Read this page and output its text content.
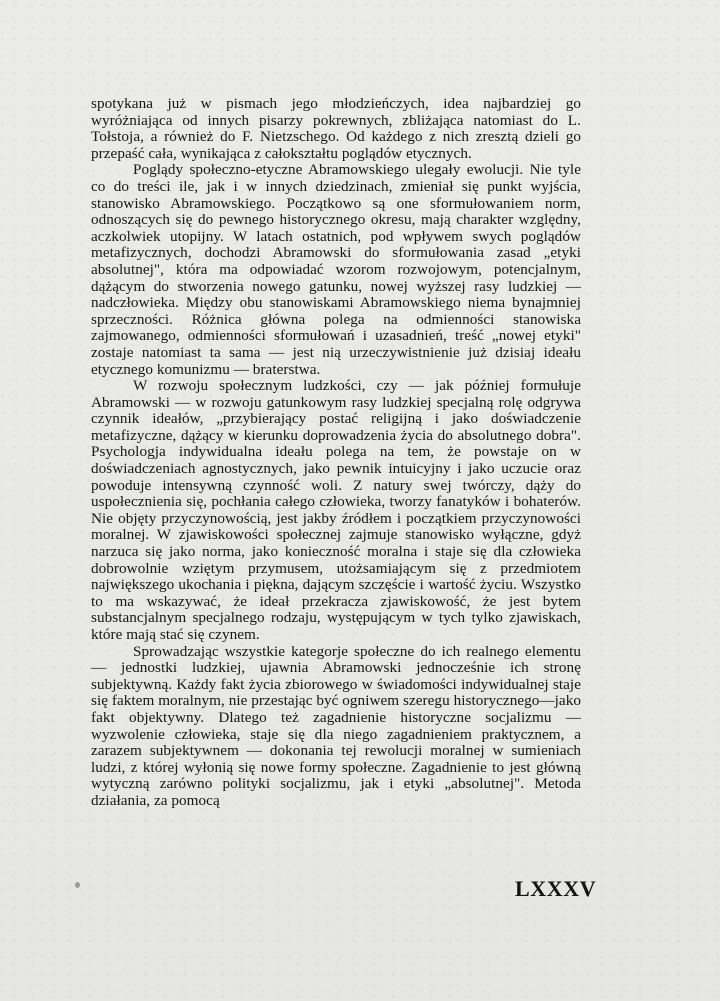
spotykana już w pismach jego młodzieńczych, idea najbardziej go wyróżniająca od innych pisarzy pokrewnych, zbliżająca natomiast do L. Tołstoja, a również do F. Nietzschego. Od każdego z nich zresztą dzieli go przepaść cała, wynikająca z całokształtu poglądów etycznych.

Poglądy społeczno-etyczne Abramowskiego ulegały ewolucji. Nie tyle co do treści ile, jak i w innych dziedzinach, zmieniał się punkt wyjścia, stanowisko Abramowskiego. Początkowo są one sformułowaniem norm, odnoszących się do pewnego historycznego okresu, mają charakter względny, aczkolwiek utopijny. W latach ostatnich, pod wpływem swych poglądów metafizycznych, dochodzi Abramowski do sformułowania zasad „etyki absolutnej", która ma odpowiadać wzorom rozwojowym, potencjalnym, dążącym do stworzenia nowego gatunku, nowej wyższej rasy ludzkiej — nadczłowieka. Między obu stanowiskami Abramowskiego niema bynajmniej sprzeczności. Różnica główna polega na odmienności stanowiska zajmowanego, odmienności sformułowań i uzasadnień, treść „nowej etyki" zostaje natomiast ta sama — jest nią urzeczywistnienie już dzisiaj ideału etycznego komunizmu — braterstwa.

W rozwoju społecznym ludzkości, czy — jak później formułuje Abramowski — w rozwoju gatunkowym rasy ludzkiej specjalną rolę odgrywa czynnik ideałów, „przybierający postać religijną i jako doświadczenie metafizyczne, dążący w kierunku doprowadzenia życia do absolutnego dobra". Psychologja indywidualna ideału polega na tem, że powstaje on w doświadczeniach agnostycznych, jako pewnik intuicyjny i jako uczucie oraz powoduje intensywną czynność woli. Z natury swej twórczy, dąży do uspołecznienia się, pochłania całego człowieka, tworzy fanatyków i bohaterów. Nie objęty przyczynowością, jest jakby źródłem i początkiem przyczynowości moralnej. W zjawiskowości społecznej zajmuje stanowisko wyłączne, gdyż narzuca się jako norma, jako konieczność moralna i staje się dla człowieka dobrowolnie wziętym przymusem, utożsamiającym się z przedmiotem największego ukochania i piękna, dającym szczęście i wartość życiu. Wszystko to ma wskazywać, że ideał przekracza zjawiskowość, że jest bytem substancjalnym specjalnego rodzaju, występującym w tych tylko zjawiskach, które mają stać się czynem.

Sprowadzając wszystkie kategorje społeczne do ich realnego elementu — jednostki ludzkiej, ujawnia Abramowski jednocześnie ich stronę subjektywną. Każdy fakt życia zbiorowego w świadomości indywidualnej staje się faktem moralnym, nie przestając być ogniwem szeregu historycznego—jako fakt objektywny. Dlatego też zagadnienie historyczne socjalizmu — wyzwolenie człowieka, staje się dla niego zagadnieniem praktycznem, a zarazem subjektywnem — dokonania tej rewolucji moralnej w sumieniach ludzi, z której wyłonią się nowe formy społeczne. Zagadnienie to jest główną wytyczną zarówno polityki socjalizmu, jak i etyki „absolutnej". Metoda działania, za pomocą

LXXXV
